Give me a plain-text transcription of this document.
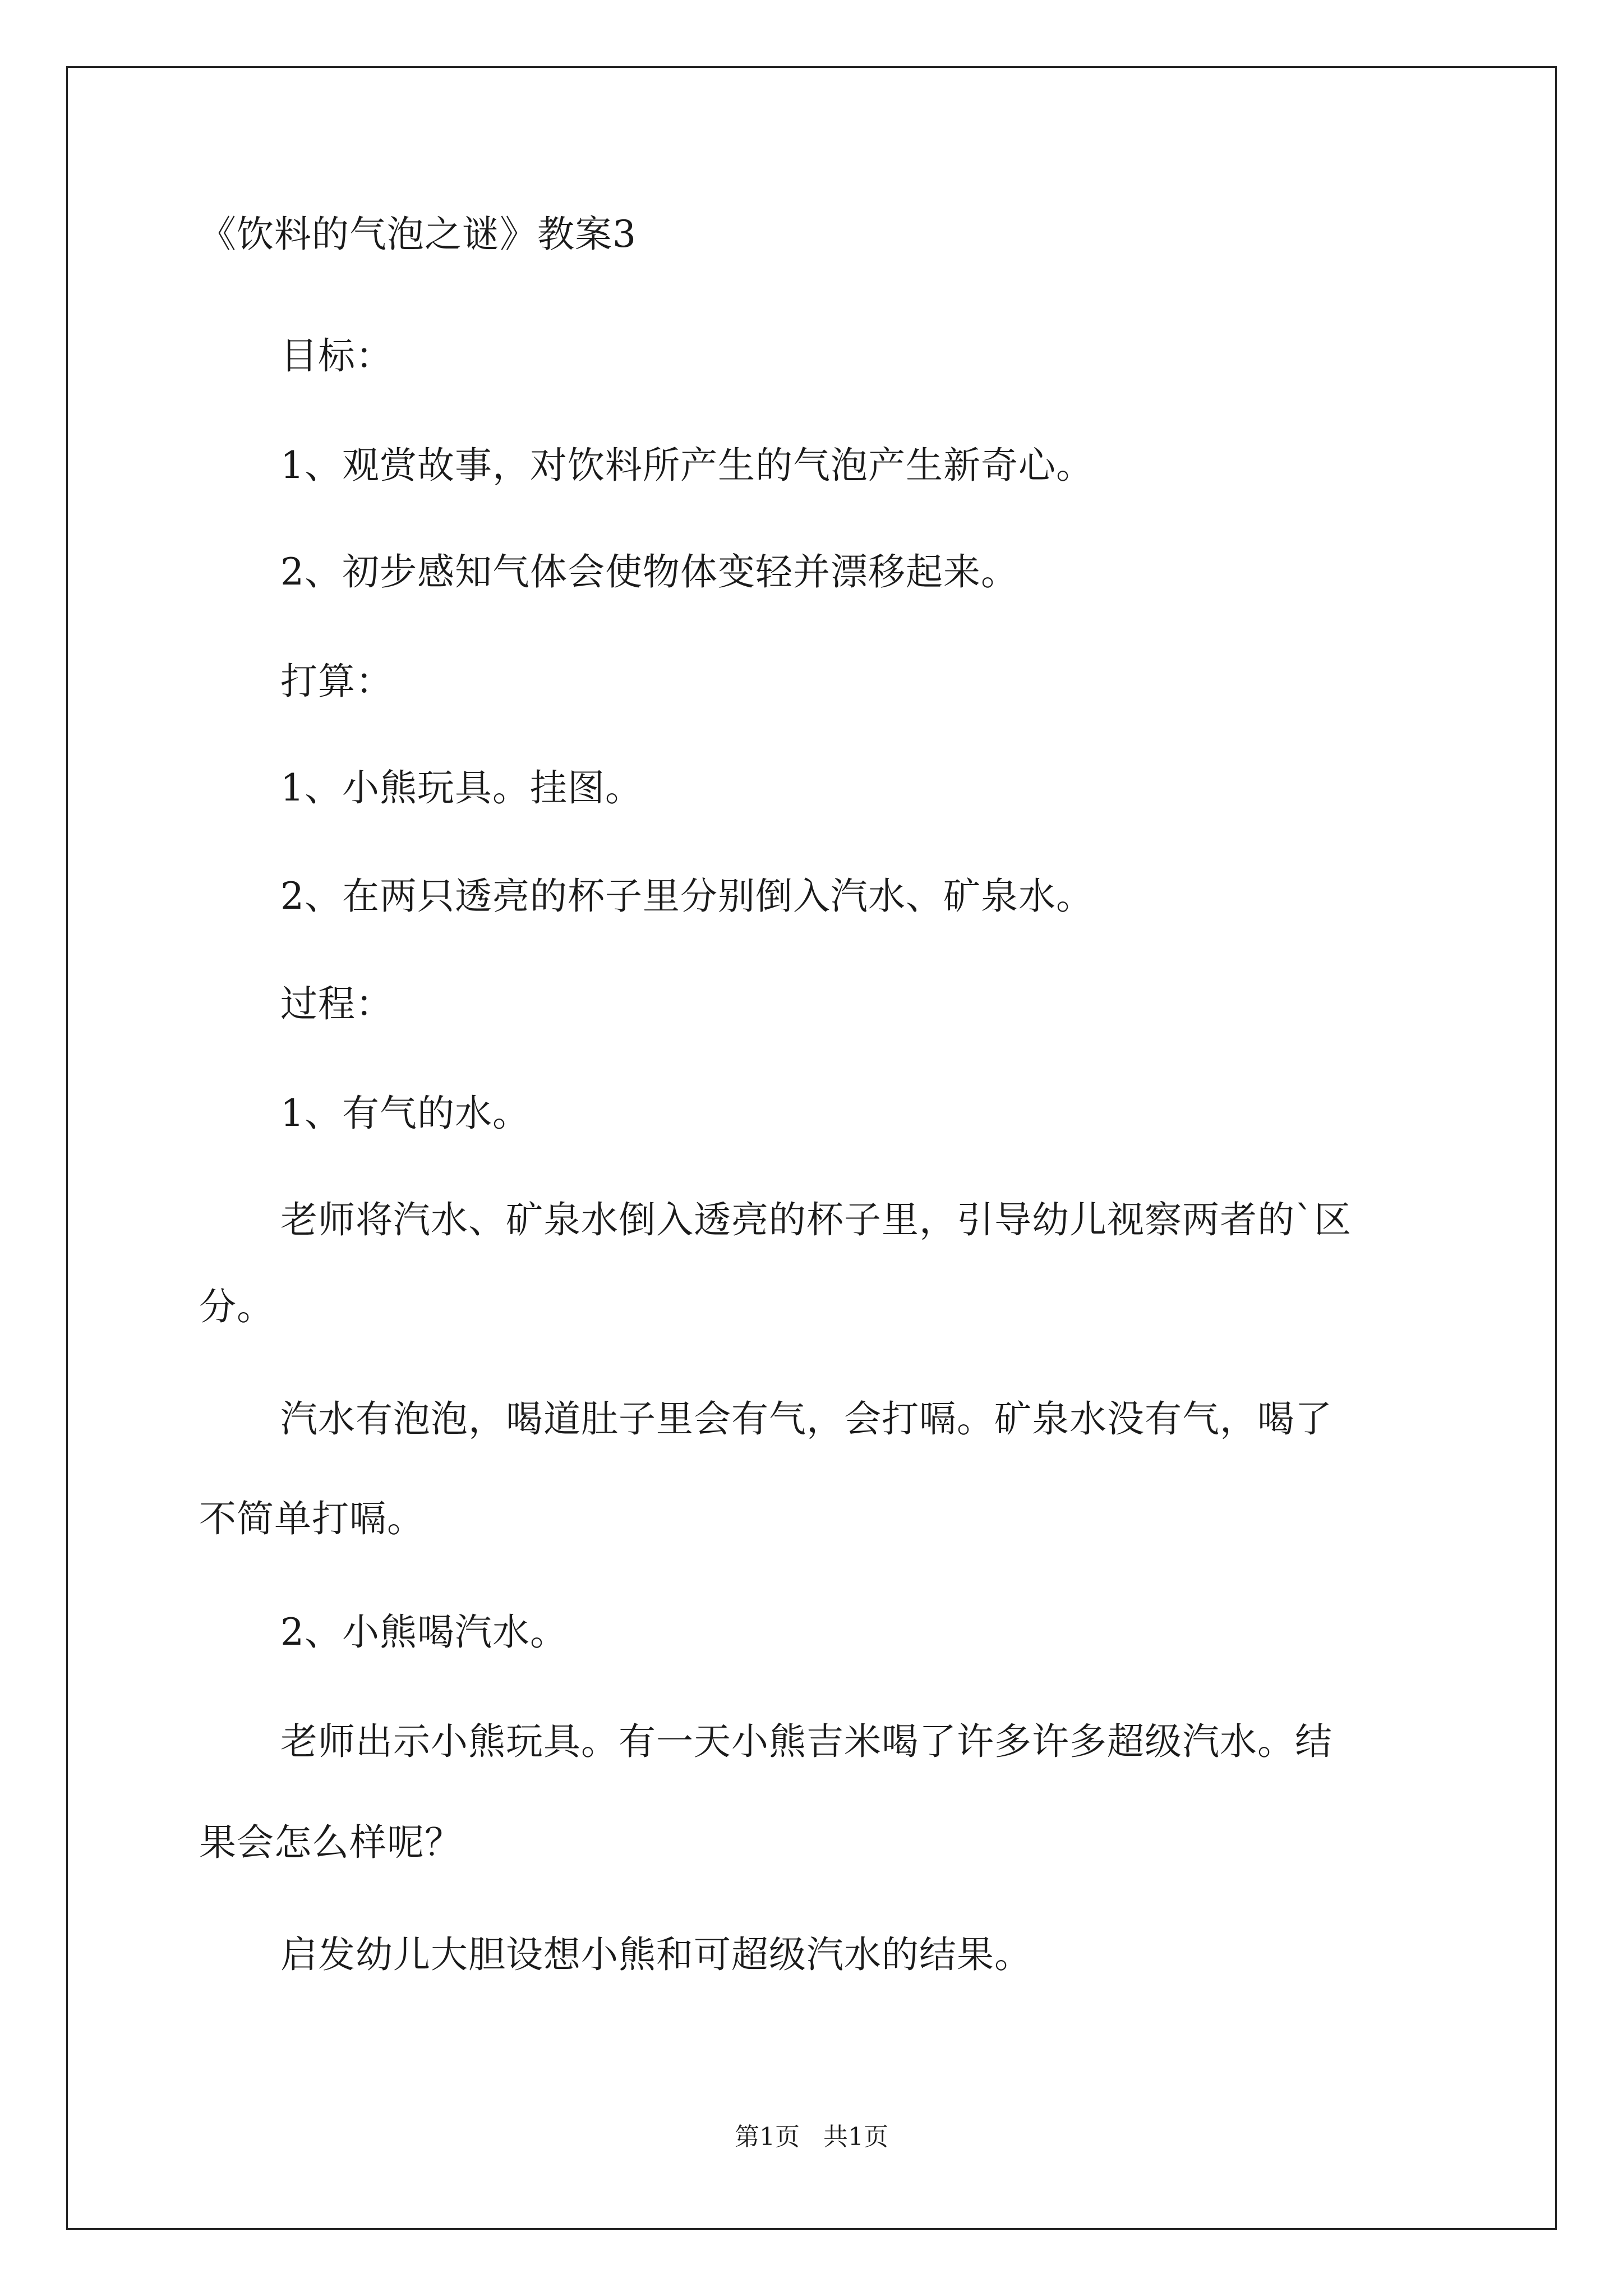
《饮料的气泡之谜》教案3
目标：
1、观赏故事，对饮料所产生的气泡产生新奇心。
2、初步感知气体会使物体变轻并漂移起来。
打算：
1、小熊玩具。挂图。
2、在两只透亮的杯子里分别倒入汽水、矿泉水。
过程：
1、有气的水。
老师将汽水、矿泉水倒入透亮的杯子里，引导幼儿视察两者的`区
分。
汽水有泡泡，喝道肚子里会有气，会打嗝。矿泉水没有气，喝了
不简单打嗝。
2、小熊喝汽水。
老师出示小熊玩具。有一天小熊吉米喝了许多许多超级汽水。结
果会怎么样呢？
启发幼儿大胆设想小熊和可超级汽水的结果。
第1页 共1页
